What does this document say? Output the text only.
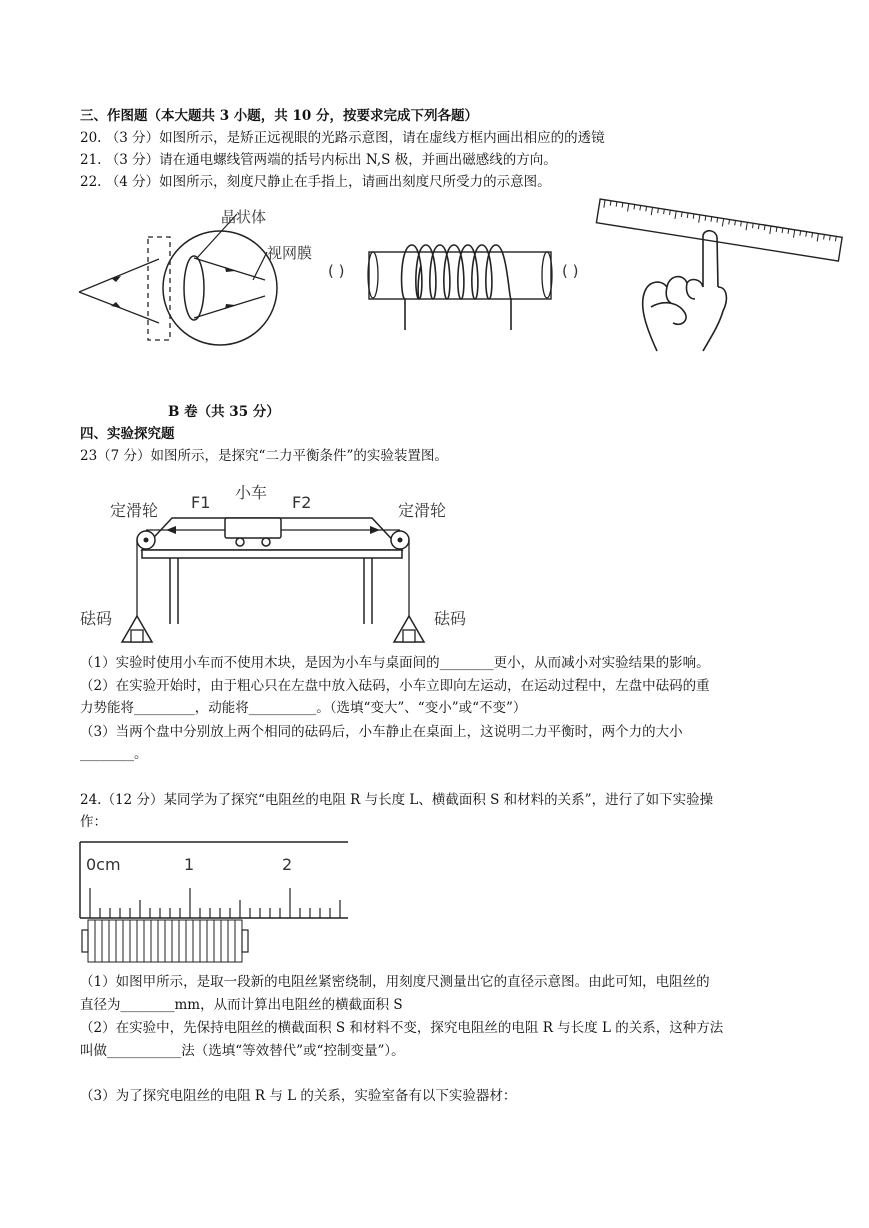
三、作图题（本大题共 3 小题，共 10 分，按要求完成下列各题）
20. （3 分）如图所示，是矫正远视眼的光路示意图，请在虚线方框内画出相应的的透镜
21. （3 分）请在通电螺线管两端的括号内标出 N,S 极，并画出磁感线的方向。
22. （4 分）如图所示，刻度尺静止在手指上，请画出刻度尺所受力的示意图。
晶状体
视网膜
( )	( )
B 卷（共 35 分）
四、实验探究题
23（7 分）如图所示，是探究“二力平衡条件”的实验装置图。
小车
F1	F2
定滑轮	定滑轮
砝码	砝码
（1）实验时使用小车而不使用木块，是因为小车与桌面间的________更小，从而减小对实验结果的影响。
（2）在实验开始时，由于粗心只在左盘中放入砝码，小车立即向左运动，在运动过程中，左盘中砝码的重
力势能将_________，动能将__________。（选填“变大”、“变小”或“不变”）
（3）当两个盘中分别放上两个相同的砝码后，小车静止在桌面上，这说明二力平衡时，两个力的大小
________。
24.（12 分）某同学为了探究“电阻丝的电阻 R 与长度 L、横截面积 S 和材料的关系”，进行了如下实验操
作：
0cm	1	2
（1）如图甲所示，是取一段新的电阻丝紧密绕制，用刻度尺测量出它的直径示意图。由此可知，电阻丝的
直径为________mm，从而计算出电阻丝的横截面积 S
（2）在实验中，先保持电阻丝的横截面积 S 和材料不变，探究电阻丝的电阻 R 与长度 L 的关系，这种方法
叫做___________法（选填“等效替代”或“控制变量”）。
（3）为了探究电阻丝的电阻 R 与 L 的关系，实验室备有以下实验器材：
